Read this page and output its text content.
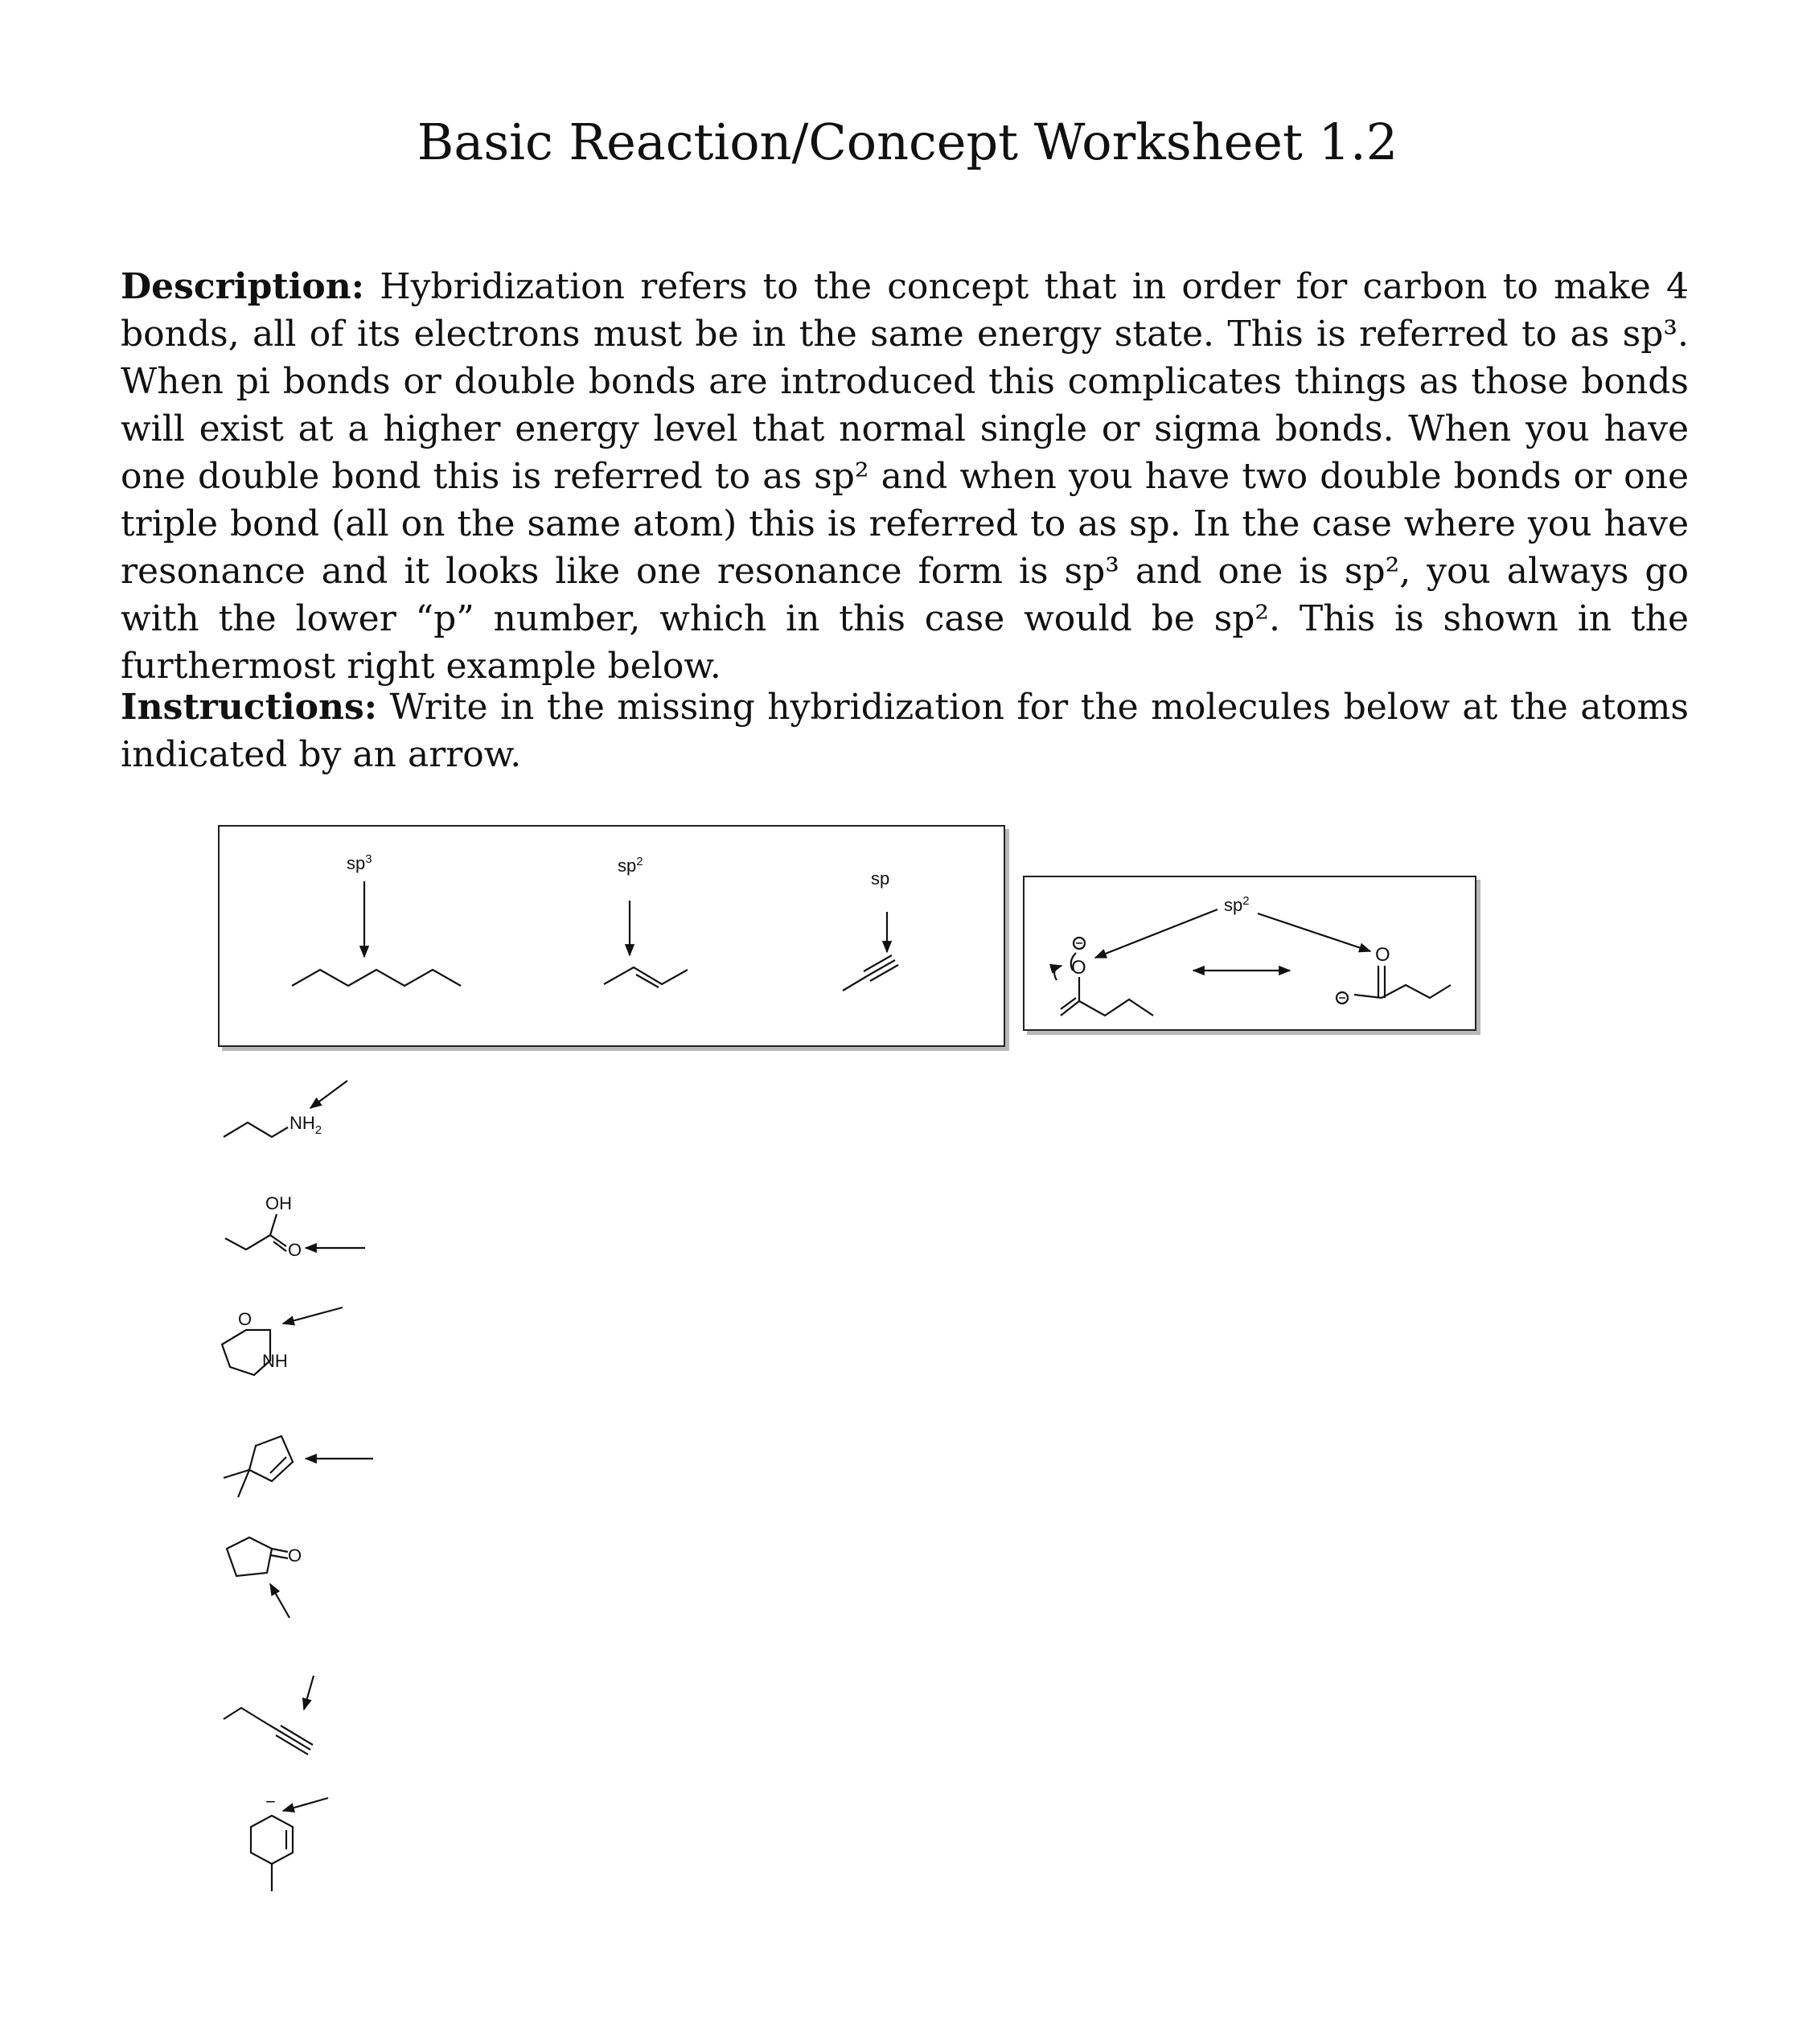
Basic Reaction/Concept Worksheet 1.2

Description: Hybridization refers to the concept that in order for carbon to make 4 bonds, all of its electrons must be in the same energy state. This is referred to as sp³. When pi bonds or double bonds are introduced this complicates things as those bonds will exist at a higher energy level that normal single or sigma bonds. When you have one double bond this is referred to as sp² and when you have two double bonds or one triple bond (all on the same atom) this is referred to as sp. In the case where you have resonance and it looks like one resonance form is sp³ and one is sp², you always go with the lower “p” number, which in this case would be sp². This is shown in the furthermost right example below.

Instructions: Write in the missing hybridization for the molecules below at the atoms indicated by an arrow.

$sp^3$	$sp^2$
sp
$sp^2$
O
O
$NH_2$
OH
O
O
NH
O
−
